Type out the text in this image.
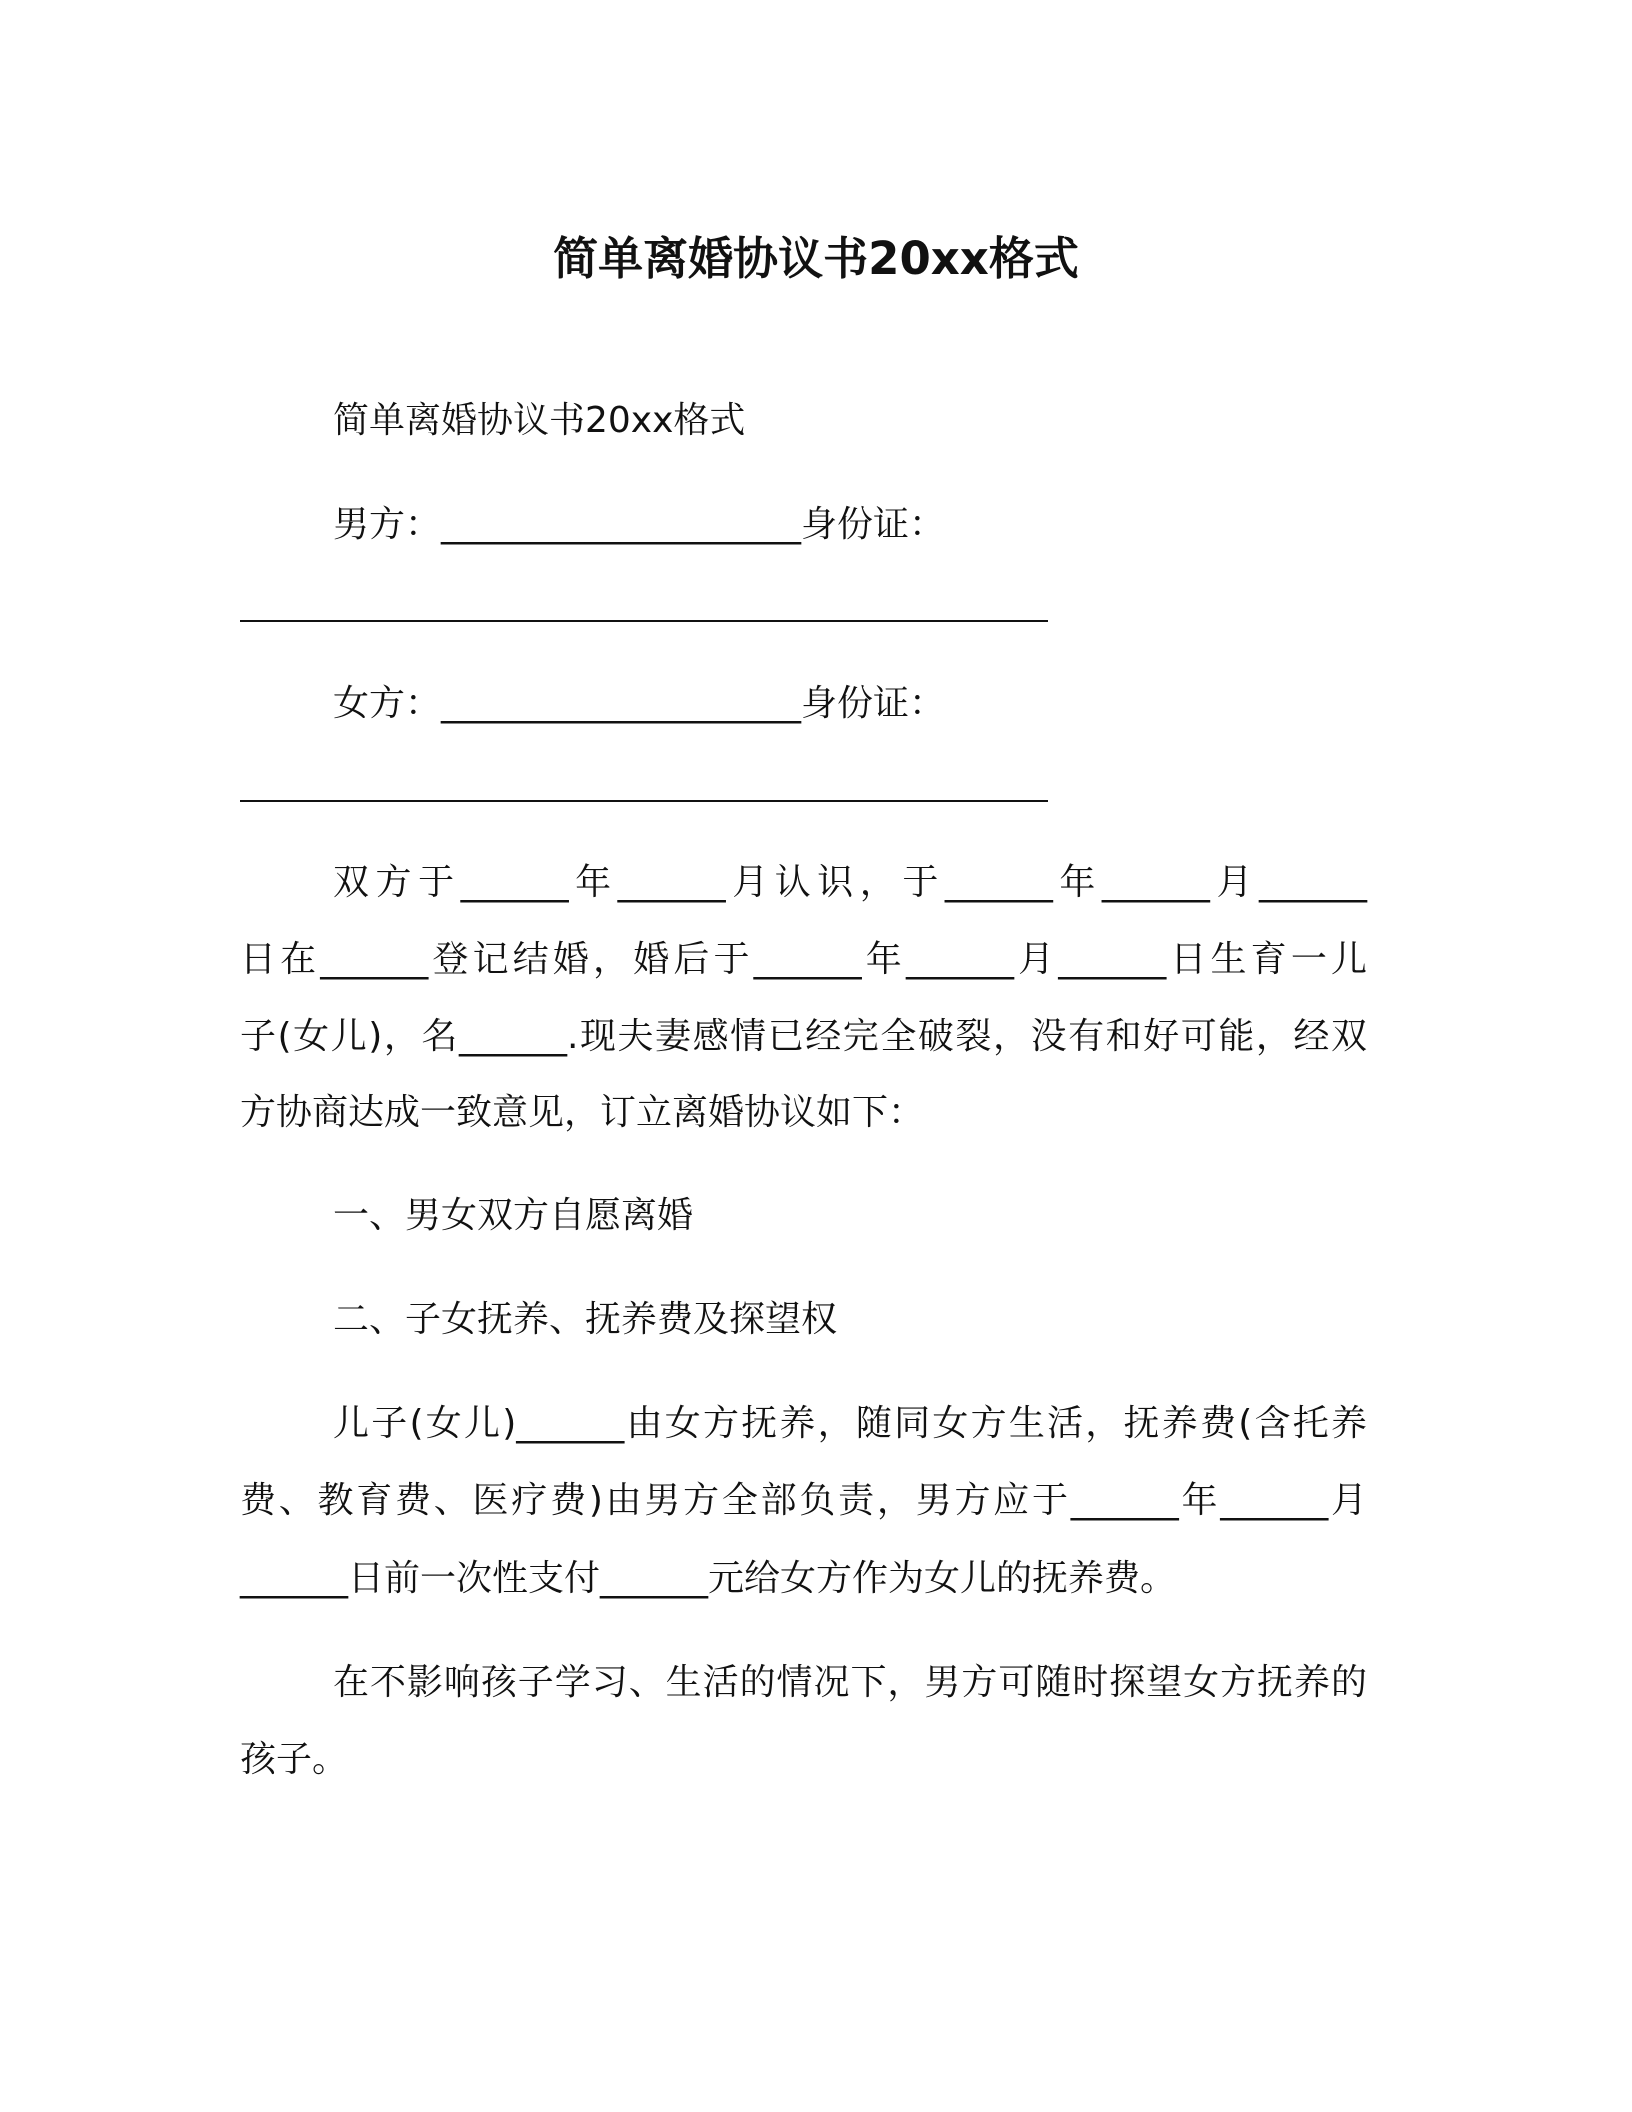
简单离婚协议书20xx格式
简单离婚协议书20xx格式
男方：____________________身份证：
女方：____________________身份证：
双方于______年______月认识，于______年______月______
日在______登记结婚，婚后于______年______月______日生育一儿
子(女儿)，名______.现夫妻感情已经完全破裂，没有和好可能，经双
方协商达成一致意见，订立离婚协议如下：
一、男女双方自愿离婚
二、子女抚养、抚养费及探望权
儿子(女儿)______由女方抚养，随同女方生活，抚养费(含托养
费、教育费、医疗费)由男方全部负责，男方应于______年______月
______日前一次性支付______元给女方作为女儿的抚养费。
在不影响孩子学习、生活的情况下，男方可随时探望女方抚养的
孩子。
